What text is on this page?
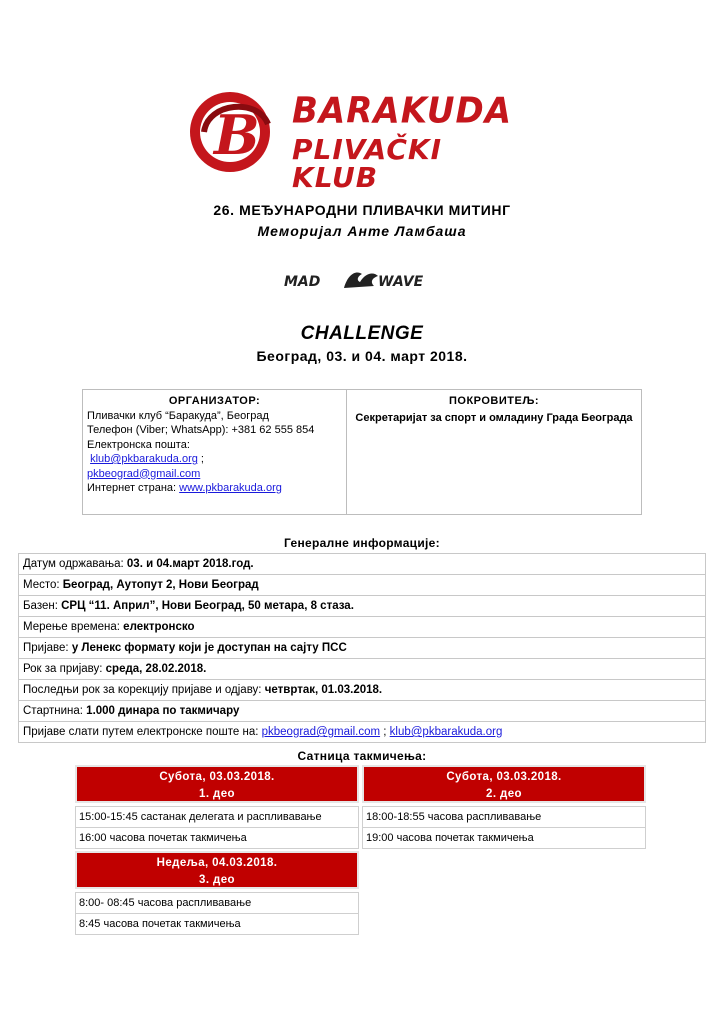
B BARAKUDA
PLIVAČKI KLUB
26. МЕЂУНАРОДНИ ПЛИВАЧКИ МИТИНГ
Меморијал Анте Ламбаша
MAD	WAVE
CHALLENGE
Београд, 03. и 04. март 2018.
ОРГАНИЗАТОР:
Пливачки клуб “Баракуда”, Београд
Телефон (Viber; WhatsApp): +381 62 555 854
Електронска пошта:
klub@pkbarakuda.org ;
pkbeograd@gmail.com
Интернет страна: www.pkbarakuda.org
ПОКРОВИТЕЉ:
Секретаријат за спорт и омладину Града Београда
Генералне информације:
Датум одржавања: 03. и 04.март 2018.год.
Место: Београд, Аутопут 2, Нови Београд
Базен: СРЦ “11. Април”, Нови Београд, 50 метара, 8 стаза.
Мерење времена: електронско
Пријаве: у Ленекс формату који је доступан на сајту ПСС
Рок за пријаву: среда, 28.02.2018.
Последњи рок за корекцију пријаве и одјаву: четвртак, 01.03.2018.
Стартнина: 1.000 динара по такмичару
Пријаве слати путем електронске поште на: pkbeograd@gmail.com ; klub@pkbarakuda.org
Сатница такмичења:
Субота, 03.03.2018.
1. део
15:00-15:45 састанак делегата и распливавање
16:00 часова почетак такмичења
Субота, 03.03.2018.
2. део
18:00-18:55 часова распливавање
19:00 часова почетак такмичења
Недеља, 04.03.2018.
3. део
8:00- 08:45 часова распливавање
8:45 часова почетак такмичења
